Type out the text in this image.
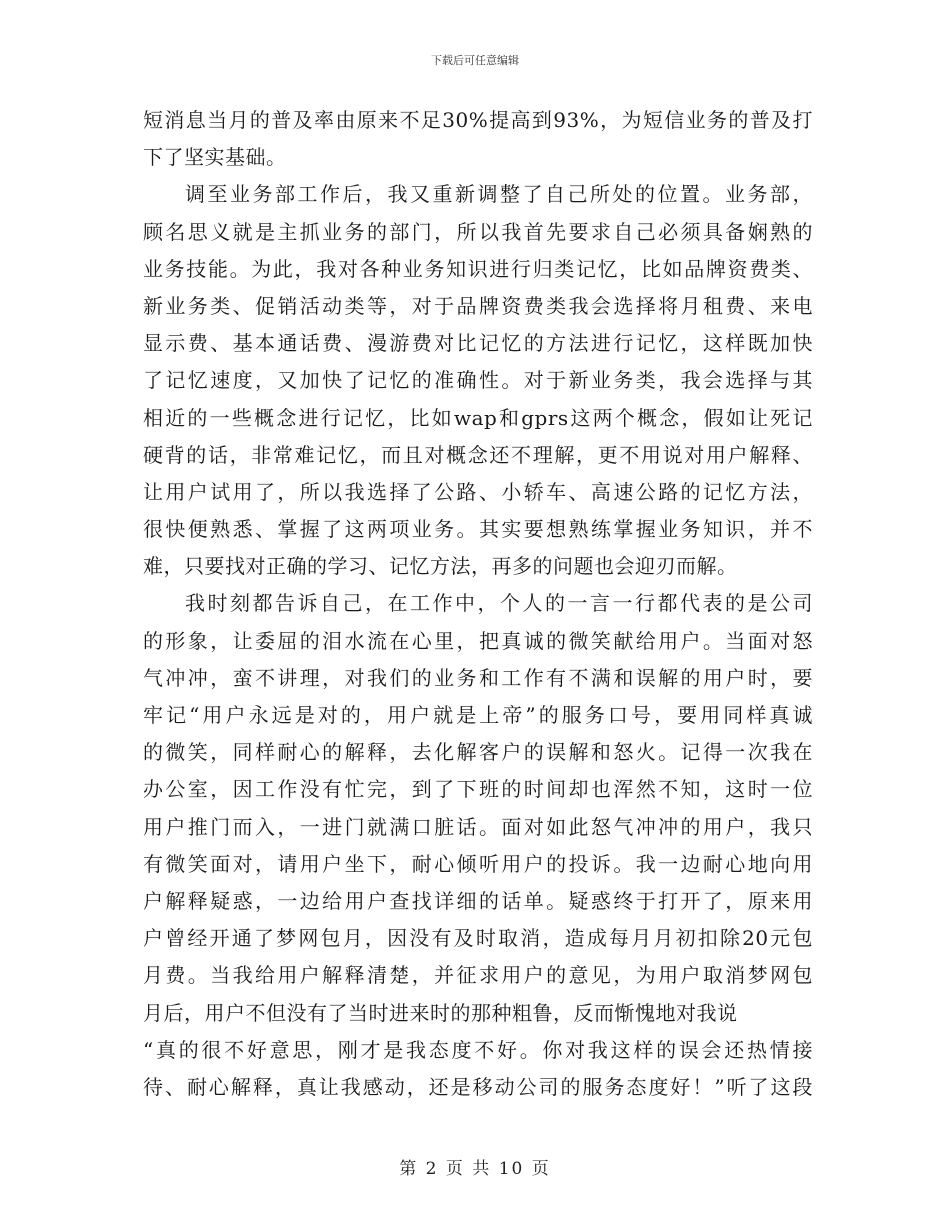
下载后可任意编辑
短消息当月的普及率由原来不足30%提高到93%，为短信业务的普及打
下了坚实基础。
调至业务部工作后，我又重新调整了自己所处的位置。业务部，
顾名思义就是主抓业务的部门，所以我首先要求自己必须具备娴熟的
业务技能。为此，我对各种业务知识进行归类记忆，比如品牌资费类、
新业务类、促销活动类等，对于品牌资费类我会选择将月租费、来电
显示费、基本通话费、漫游费对比记忆的方法进行记忆，这样既加快
了记忆速度，又加快了记忆的准确性。对于新业务类，我会选择与其
相近的一些概念进行记忆，比如wap和gprs这两个概念，假如让死记
硬背的话，非常难记忆，而且对概念还不理解，更不用说对用户解释、
让用户试用了，所以我选择了公路、小轿车、高速公路的记忆方法，
很快便熟悉、掌握了这两项业务。其实要想熟练掌握业务知识，并不
难，只要找对正确的学习、记忆方法，再多的问题也会迎刃而解。
我时刻都告诉自己，在工作中，个人的一言一行都代表的是公司
的形象，让委屈的泪水流在心里，把真诚的微笑献给用户。当面对怒
气冲冲，蛮不讲理，对我们的业务和工作有不满和误解的用户时，要
牢记“用户永远是对的，用户就是上帝”的服务口号，要用同样真诚
的微笑，同样耐心的解释，去化解客户的误解和怒火。记得一次我在
办公室，因工作没有忙完，到了下班的时间却也浑然不知，这时一位
用户推门而入，一进门就满口脏话。面对如此怒气冲冲的用户，我只
有微笑面对，请用户坐下，耐心倾听用户的投诉。我一边耐心地向用
户解释疑惑，一边给用户查找详细的话单。疑惑终于打开了，原来用
户曾经开通了梦网包月，因没有及时取消，造成每月月初扣除20元包
月费。当我给用户解释清楚，并征求用户的意见，为用户取消梦网包
月后，用户不但没有了当时进来时的那种粗鲁，反而惭愧地对我说
“真的很不好意思，刚才是我态度不好。你对我这样的误会还热情接
待、耐心解释，真让我感动，还是移动公司的服务态度好！”听了这段
第 2 页 共 10 页
